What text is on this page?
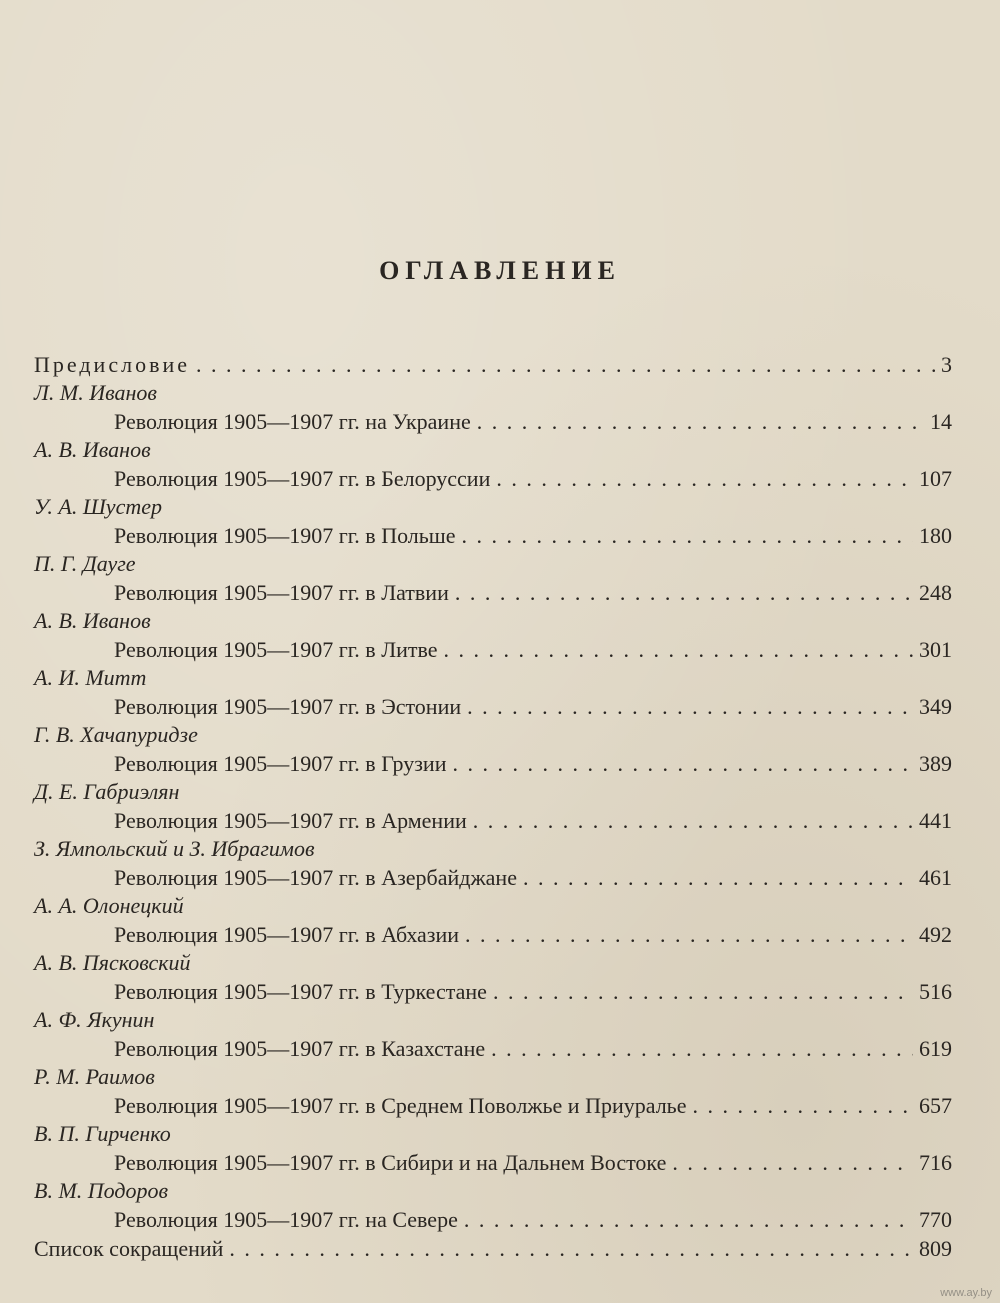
ОГЛАВЛЕНИЕ
Предисловие . . .	3
Л. М. Иванов
Революция 1905—1907 гг. на Украине . . .	14
А. В. Иванов
Революция 1905—1907 гг. в Белоруссии . . .	107
У. А. Шустер
Революция 1905—1907 гг. в Польше . . .	180
П. Г. Дауге
Революция 1905—1907 гг. в Латвии . . .	248
А. В. Иванов
Революция 1905—1907 гг. в Литве . . .	301
А. И. Митт
Революция 1905—1907 гг. в Эстонии . . .	349
Г. В. Хачапуридзе
Революция 1905—1907 гг. в Грузии . . .	389
Д. Е. Габриэлян
Революция 1905—1907 гг. в Армении . . .	441
З. Ямпольский и З. Ибрагимов
Революция 1905—1907 гг. в Азербайджане . . .	461
А. А. Олонецкий
Революция 1905—1907 гг. в Абхазии . . .	492
А. В. Пясковский
Революция 1905—1907 гг. в Туркестане . . .	516
А. Ф. Якунин
Революция 1905—1907 гг. в Казахстане . . .	619
Р. М. Раимов
Революция 1905—1907 гг. в Среднем Поволжье и Приуралье . . .	657
В. П. Гирченко
Революция 1905—1907 гг. в Сибири и на Дальнем Востоке . . .	716
В. М. Подоров
Революция 1905—1907 гг. на Севере . . .	770
Список сокращений . . .	809
www.ay.by
